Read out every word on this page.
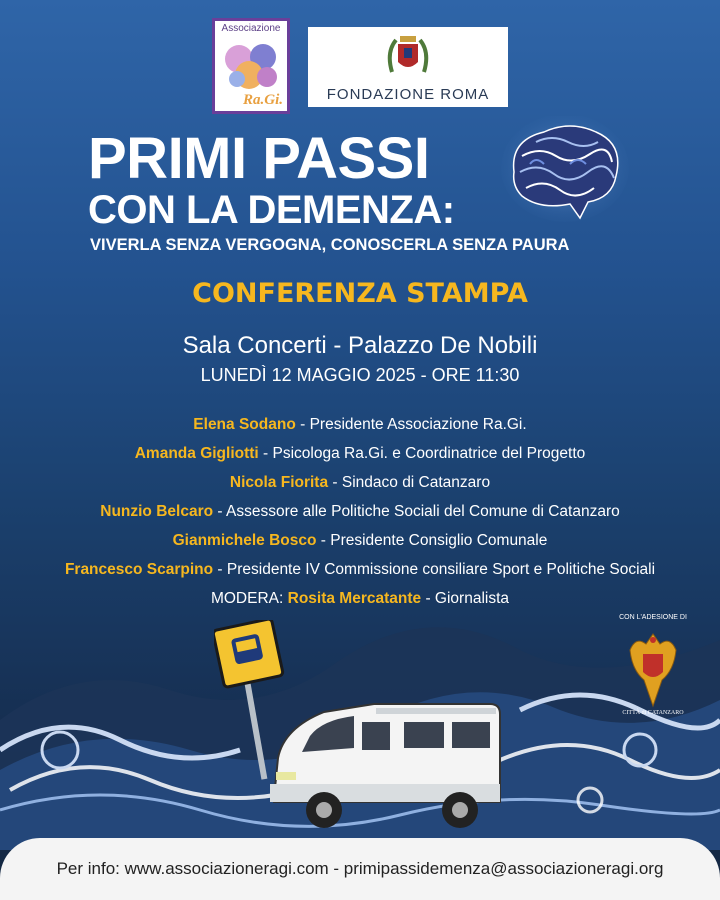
Associazione
Ra.Gi.	FONDAZIONE ROMA
PRIMI PASSI
CON LA DEMENZA:
VIVERLA SENZA VERGOGNA, CONOSCERLA SENZA PAURA
CONFERENZA STAMPA
Sala Concerti - Palazzo De Nobili
LUNEDÌ 12 MAGGIO 2025 - ORE 11:30
Elena Sodano - Presidente Associazione Ra.Gi.
Amanda Gigliotti - Psicologa Ra.Gi. e Coordinatrice del Progetto
Nicola Fiorita - Sindaco di Catanzaro
Nunzio Belcaro - Assessore alle Politiche Sociali del Comune di Catanzaro
Gianmichele Bosco - Presidente Consiglio Comunale
Francesco Scarpino - Presidente IV Commissione consiliare Sport e Politiche Sociali
MODERA: Rosita Mercatante - Giornalista
CON L'ADESIONE DI
CITTÀ di CATANZARO
Per info: www.associazioneragi.com - primipassidemenza@associazioneragi.org
